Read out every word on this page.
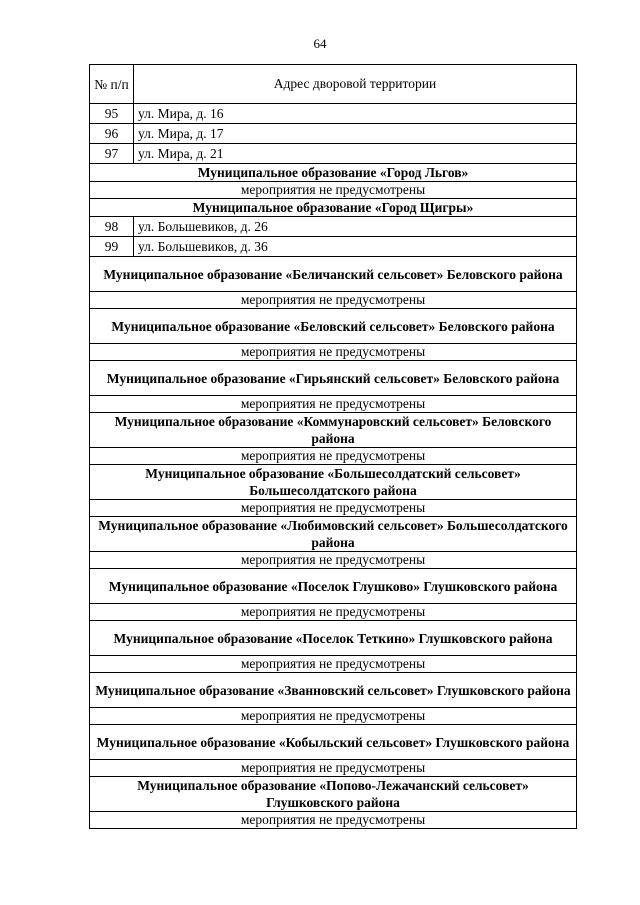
64
№ п/п	Адрес дворовой территории
95	ул. Мира, д. 16
96	ул. Мира, д. 17
97	ул. Мира, д. 21
Муниципальное образование «Город Льгов»	
мероприятия не предусмотрены	
Муниципальное образование «Город Щигры»	
98	ул. Большевиков, д. 26
99	ул. Большевиков, д. 36
Муниципальное образование «Беличанский сельсовет» Беловского района	
мероприятия не предусмотрены	
Муниципальное образование «Беловский сельсовет» Беловского района	
мероприятия не предусмотрены	
Муниципальное образование «Гирьянский сельсовет» Беловского района	
мероприятия не предусмотрены	
Муниципальное образование «Коммунаровский сельсовет» Беловского района	
мероприятия не предусмотрены	
Муниципальное образование «Большесолдатский сельсовет» Большесолдатского района	
мероприятия не предусмотрены	
Муниципальное образование «Любимовский сельсовет» Большесолдатского района	
мероприятия не предусмотрены	
Муниципальное образование «Поселок Глушково» Глушковского района	
мероприятия не предусмотрены	
Муниципальное образование «Поселок Теткино» Глушковского района	
мероприятия не предусмотрены	
Муниципальное образование «Званновский сельсовет» Глушковского района	
мероприятия не предусмотрены	
Муниципальное образование «Кобыльский сельсовет» Глушковского района	
мероприятия не предусмотрены	
Муниципальное образование «Попово-Лежачанский сельсовет» Глушковского района	
мероприятия не предусмотрены	
